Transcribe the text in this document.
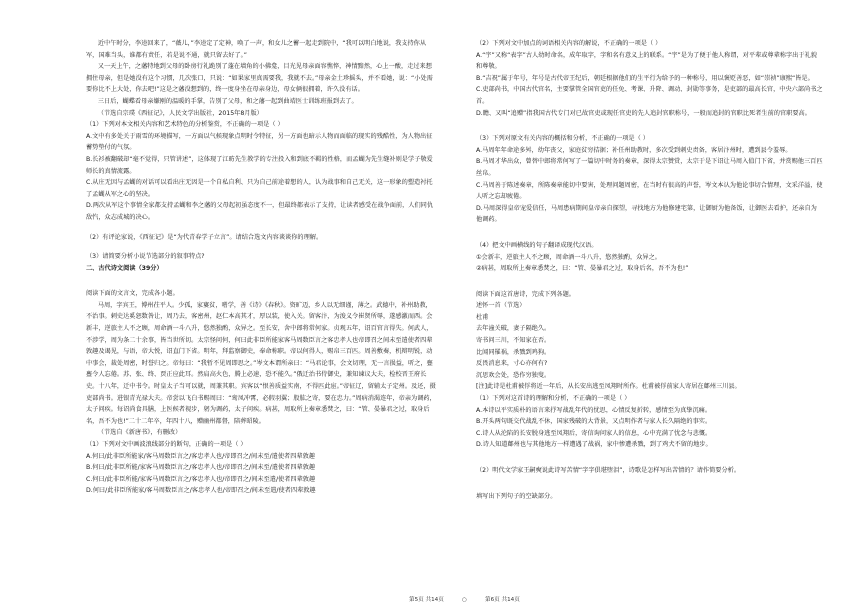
近中午时分，李逵回来了，“薇儿，”李逵定了定神，唤了一声，和女儿之蓄一起走到院中，“我可以明白地说，我支持你从军，国难当头，谁都有责任，若是说不通，就只留去好了。”

又一天上午，之藩特地到父母的卧房行礼跪别了蓬在墙角的小佛龛，目光见母亲面容憔悴，神情黯然，心上一酸，走过来想拥住母亲，但是她没有这个习惯，几次张口，只说：“如果家里真需要我，我就不去。”母亲金土珍摇头，并不看她，说：“小处需要你比不上大处，你去吧!”这是之藩没想到的，终一度身坐在母亲身边，母女俩很拥着，许久没有话。

三日后，蝴蝶看母亲嫌刚的温暖的手掌，告别了父母，和之藩一起到曲靖医士训练班报到去了。

（节选自宗璞《西征记》，人民文学出版社，2015年8月版）

（1）下列对本文相关内容和艺术特色的分析鉴赏，不正确的一项是（ ）

A.文中有多处关于雨雪的环境描写，一方面以气候现象点明时令特征，另一方面也暗示人物而面临的现实的残酷性，为人物出征蓄势垫付的气氛。

B.长衫被翻破却“毫不觉得，只管讲述”，这体现了江昉先生教学的专注投入和到底不羁的性格，而孟蝴为先生缝补则是学子敬爱师长的真情流露。

C.从庄无因与孟蝴的对话可以看出庄无因是一个自私自利、只为自己前途着想的人，认为战事和自己无关，这一形象的塑造衬托了孟蝴从军之心的坚决。

D.两次从军这个事情全家都支持孟蝴和李之藩的父母起初虽态度不一，但最终都表示了支持，让读者感受在战争面前，人们同仇敌忾，众志成城的决心。

（2）有评论家说，《西征记》是“为代青春学子立言”。请结合选文内容谈谈你的理解。

（3）请简要分析小说节选部分的叙事特点?

二、古代诗文阅读（39分）

阅读下面的文言文，完成各小题。

马周，字宾王，博州茌平人。少孤，家寠贫，嗜学，善《诗》《春秋》。资旷迈，乡人以无细谨，薄之。武德中，补州助教，不治事。刺史达奚恕数咎让，周乃去，客密州，赵仁本高其才，厚以装，使入关。留客汴，为浚义令崔贤所辱，遂感激而西。会新丰，逆旅主人不之顾，周命酒一斗八升，悠然独酌，众异之。至长安，舍中郎将常何家。贞观五年，诏百官言得失。何武人，不涉学，周为条二十余事，皆当世所切。太宗怪问何，何曰此非臣所能家客马周数臣言之客忠孝人也帝即召之间未至遣使者四辈敦趣及谒见，与语，帝大悦，诏直门下省。明年，拜监察御史，奉命称职。帝以何得人，赐帛三百匹。周善敷奏，机辩明锐，动中事会，裁处周密，时誉归之。帝每曰：“我暂不见周即思之。”岑文本谓所亲曰：“马君论事，会文切理，无一言损益，听之，亹亹令人忘倦。苏、张、终、贾正应此耳。然肩高火色，腾上必速，恐不能久。”俄迁治书侍御史，兼知谏议大夫，检校晋王府长史。十八年，迁中书令。时皇太子当可以就，周兼其职。宾客以“恨善质益实南，不得匹此宦。”帝征辽，留辅太子定州。及还，摄吏部尚书。进银青光禄大夫。帝尝以飞白书赐周曰：“鸾凤冲霄，必假羽翼；股肱之寄，要在忠力。”周病消渴连年，帝亲为调药，太子问疾。每诏尚食具膳，上医候者视步，躬为调药，太子问疾。病甚，周取所上奏章悉焚之，曰：“管、晏暴君之过，取身后名，吾不为也!”二十二年卒，年四十八，赠幽州都督，陪葬昭陵。

（节选自《新唐书》，有删改）

（1）下列对文中画波浪线部分的断句，正确的一项是（ ）

A.何曰/此非臣所能家/客马周数臣言之/客忠孝人也/帝即召之/间未至/遣使者四辈敦趣

B.何曰/此非臣所能/家客马周数臣言之/客忠孝人也/帝即召之/间未至/遣使者四辈敦趣

C.何曰/此非臣所能/家客马周数臣言之/客忠孝人也/帝即召之/间未至遣/使者四辈敦趣

D.何曰/此非臣所能家/客马周数臣言之/客忠孝人也/帝即召之/间未至遣/使者四辈敦趣

（2）下列对文中加点的词语相关内容的解说，不正确的一项是（ ）

A.“宇”又称“表字”古人幼时命名，成年取字，字和名有意义上的联系。“宇”是为了便于他人称谓，对平辈或尊辈称字出于礼貌和尊敬。

B.“吉祝”属于年号，年号是古代帝王纪后，朝廷根据他们的生平行为给予的一种称号，用以褒贬善恶，如“崇祯”康熙“皆是。

C.吏部尚书，中国古代官名，主要掌管全国官吏的任免、考课、升降、调动、封勋等事务，是吏部的最高长官，中央六部尚书之首。

D.瞻、又叫“追赠”指我国古代专门对已故官吏或现任官吏的先人追封官职称号，一般而追封的官职比死者生前的官职要高。

（3）下列对原文有关内容的概括和分析，不正确的一项是（ ）

A.马周年年命途多舛，幼年丧父，家庭贫穷拮据；补任州助教时，多次受到刺史责备，客居汴州时，遭到县令羞辱。

B.马周才华出众，曾替中郎将常何写了一篇切中时务的奏章，深得太宗赞赏，太宗于是下诏让马周入值门下省，并赏赐他三百匹丝帛。

C.马周善于陈述奏章，所陈奏章能切中要害，处理问题周密，在当时有很高的声誉，岑文本认为他论事切合情理，文采洋溢，使人听之忘却疲倦。

D.马周深得皇帝宠爱信任，马周患病期间皇帝亲自探望，寻找地方为他修建宅第，让御厨为他备饭，让御医去看护，还亲自为他调药。

（4）把文中画横线的句子翻译成现代汉语。

①会新丰，逆旅主人不之顾，周命酒一斗八升，悠然独酌，众异之。

②病甚，周取所上奏章悉焚之，曰：“管、晏暴君之过，取身后名，吾不为也!”

阅读下面这首唐诗，完成下列各题。

述怀一首（节选）

杜甫

去年潼关破，妻子隔绝久。

寄书问三川，不知家在否。

比闻同罹祸，杀戮到鸡狗。

反畏消息来，寸心亦何有?

沉思欢会处，恐作穷独叟。

[注]此诗是杜甫被俘将近一年后，从长安出逃至凤翔时所作。杜甫被俘前家人寄居在鄜州三川县。

（1）下列对这首诗的理解和分析，不正确的一项是（ ）

A.本诗以平实质朴的语言来抒写战乱年代的忧思，心情反复折转，感情至为真挚沉痛。

B.开头两句既交代战乱不休，国家残破的大背景，又点明作者与家人长久隔绝的事实。

C.诗人从沦陷的长安脱身逃至凤翔后，寄信询问家人的信息，心中充满了忧念与悲慨。

D.诗人知道鄜州也与其他地方一样遭遇了战祸，家中惨遭杀戮，到了鸡犬不留的地步。

（2）明代文学家王嗣奭说此诗写苦情“字字俱堪堕泪”，诗歌是怎样写出苦情的？请作简要分析。

填写出下列句子的空缺部分。

第5页 共14页	○	第6页 共14页
